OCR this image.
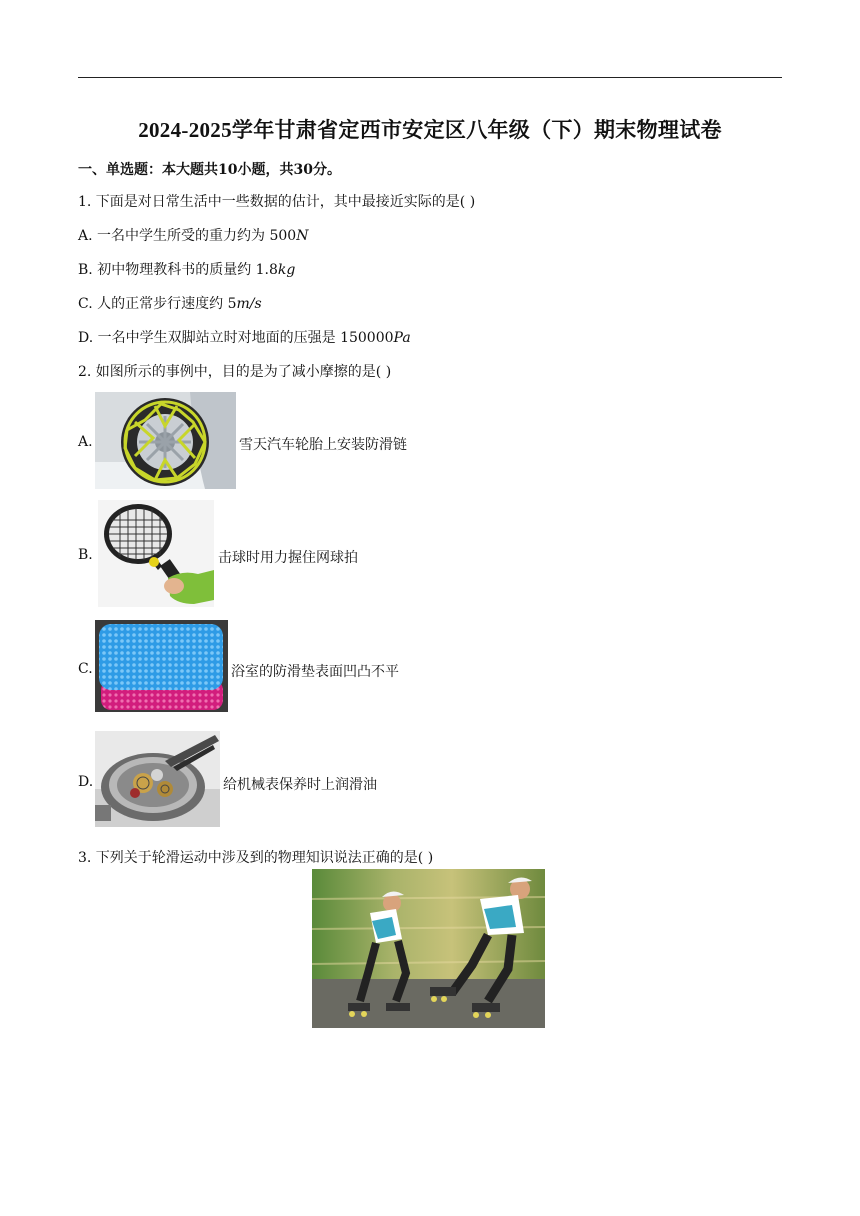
2024-2025学年甘肃省定西市安定区八年级（下）期末物理试卷
一、单选题：本大题共10小题，共30分。
1. 下面是对日常生活中一些数据的估计，其中最接近实际的是( )
A. 一名中学生所受的重力约为 500N
B. 初中物理教科书的质量约 1.8kg
C. 人的正常步行速度约 5m/s
D. 一名中学生双脚站立时对地面的压强是 150000Pa
2. 如图所示的事例中，目的是为了减小摩擦的是( )
A.	雪天汽车轮胎上安装防滑链
B.	击球时用力握住网球拍
C.	浴室的防滑垫表面凹凸不平
D.	给机械表保养时上润滑油
3. 下列关于轮滑运动中涉及到的物理知识说法正确的是( )
